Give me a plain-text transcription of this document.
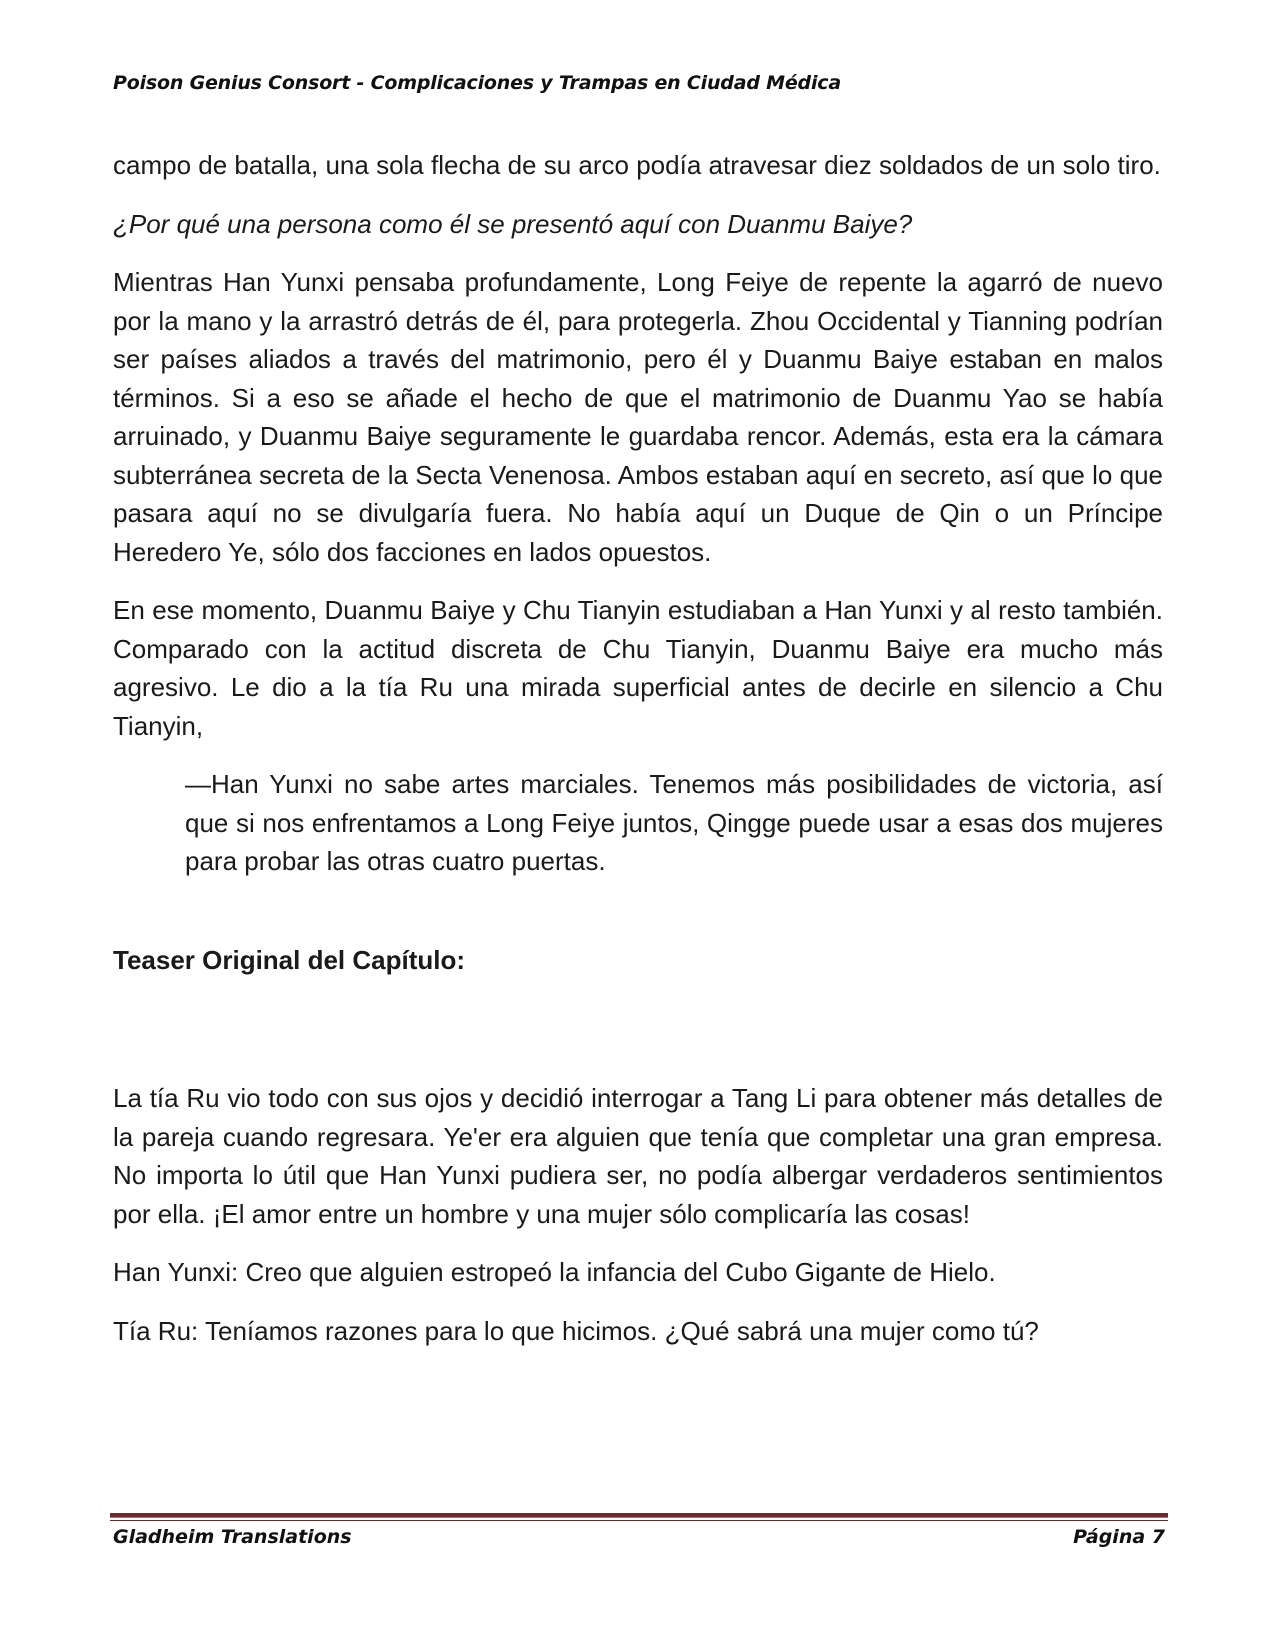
Poison Genius Consort - Complicaciones y Trampas en Ciudad Médica

campo de batalla, una sola flecha de su arco podía atravesar diez soldados de un solo tiro.

¿Por qué una persona como él se presentó aquí con Duanmu Baiye?

Mientras Han Yunxi pensaba profundamente, Long Feiye de repente la agarró de nuevo por la mano y la arrastró detrás de él, para protegerla. Zhou Occidental y Tianning podrían ser países aliados a través del matrimonio, pero él y Duanmu Baiye estaban en malos términos. Si a eso se añade el hecho de que el matrimonio de Duanmu Yao se había arruinado, y Duanmu Baiye seguramente le guardaba rencor. Además, esta era la cámara subterránea secreta de la Secta Venenosa. Ambos estaban aquí en secreto, así que lo que pasara aquí no se divulgaría fuera. No había aquí un Duque de Qin o un Príncipe Heredero Ye, sólo dos facciones en lados opuestos.

En ese momento, Duanmu Baiye y Chu Tianyin estudiaban a Han Yunxi y al resto también. Comparado con la actitud discreta de Chu Tianyin, Duanmu Baiye era mucho más agresivo. Le dio a la tía Ru una mirada superficial antes de decirle en silencio a Chu Tianyin,

—Han Yunxi no sabe artes marciales. Tenemos más posibilidades de victoria, así que si nos enfrentamos a Long Feiye juntos, Qingge puede usar a esas dos mujeres para probar las otras cuatro puertas.

Teaser Original del Capítulo:

La tía Ru vio todo con sus ojos y decidió interrogar a Tang Li para obtener más detalles de la pareja cuando regresara. Ye'er era alguien que tenía que completar una gran empresa. No importa lo útil que Han Yunxi pudiera ser, no podía albergar verdaderos sentimientos por ella. ¡El amor entre un hombre y una mujer sólo complicaría las cosas!

Han Yunxi: Creo que alguien estropeó la infancia del Cubo Gigante de Hielo.

Tía Ru: Teníamos razones para lo que hicimos. ¿Qué sabrá una mujer como tú?

Gladheim Translations	Página 7
